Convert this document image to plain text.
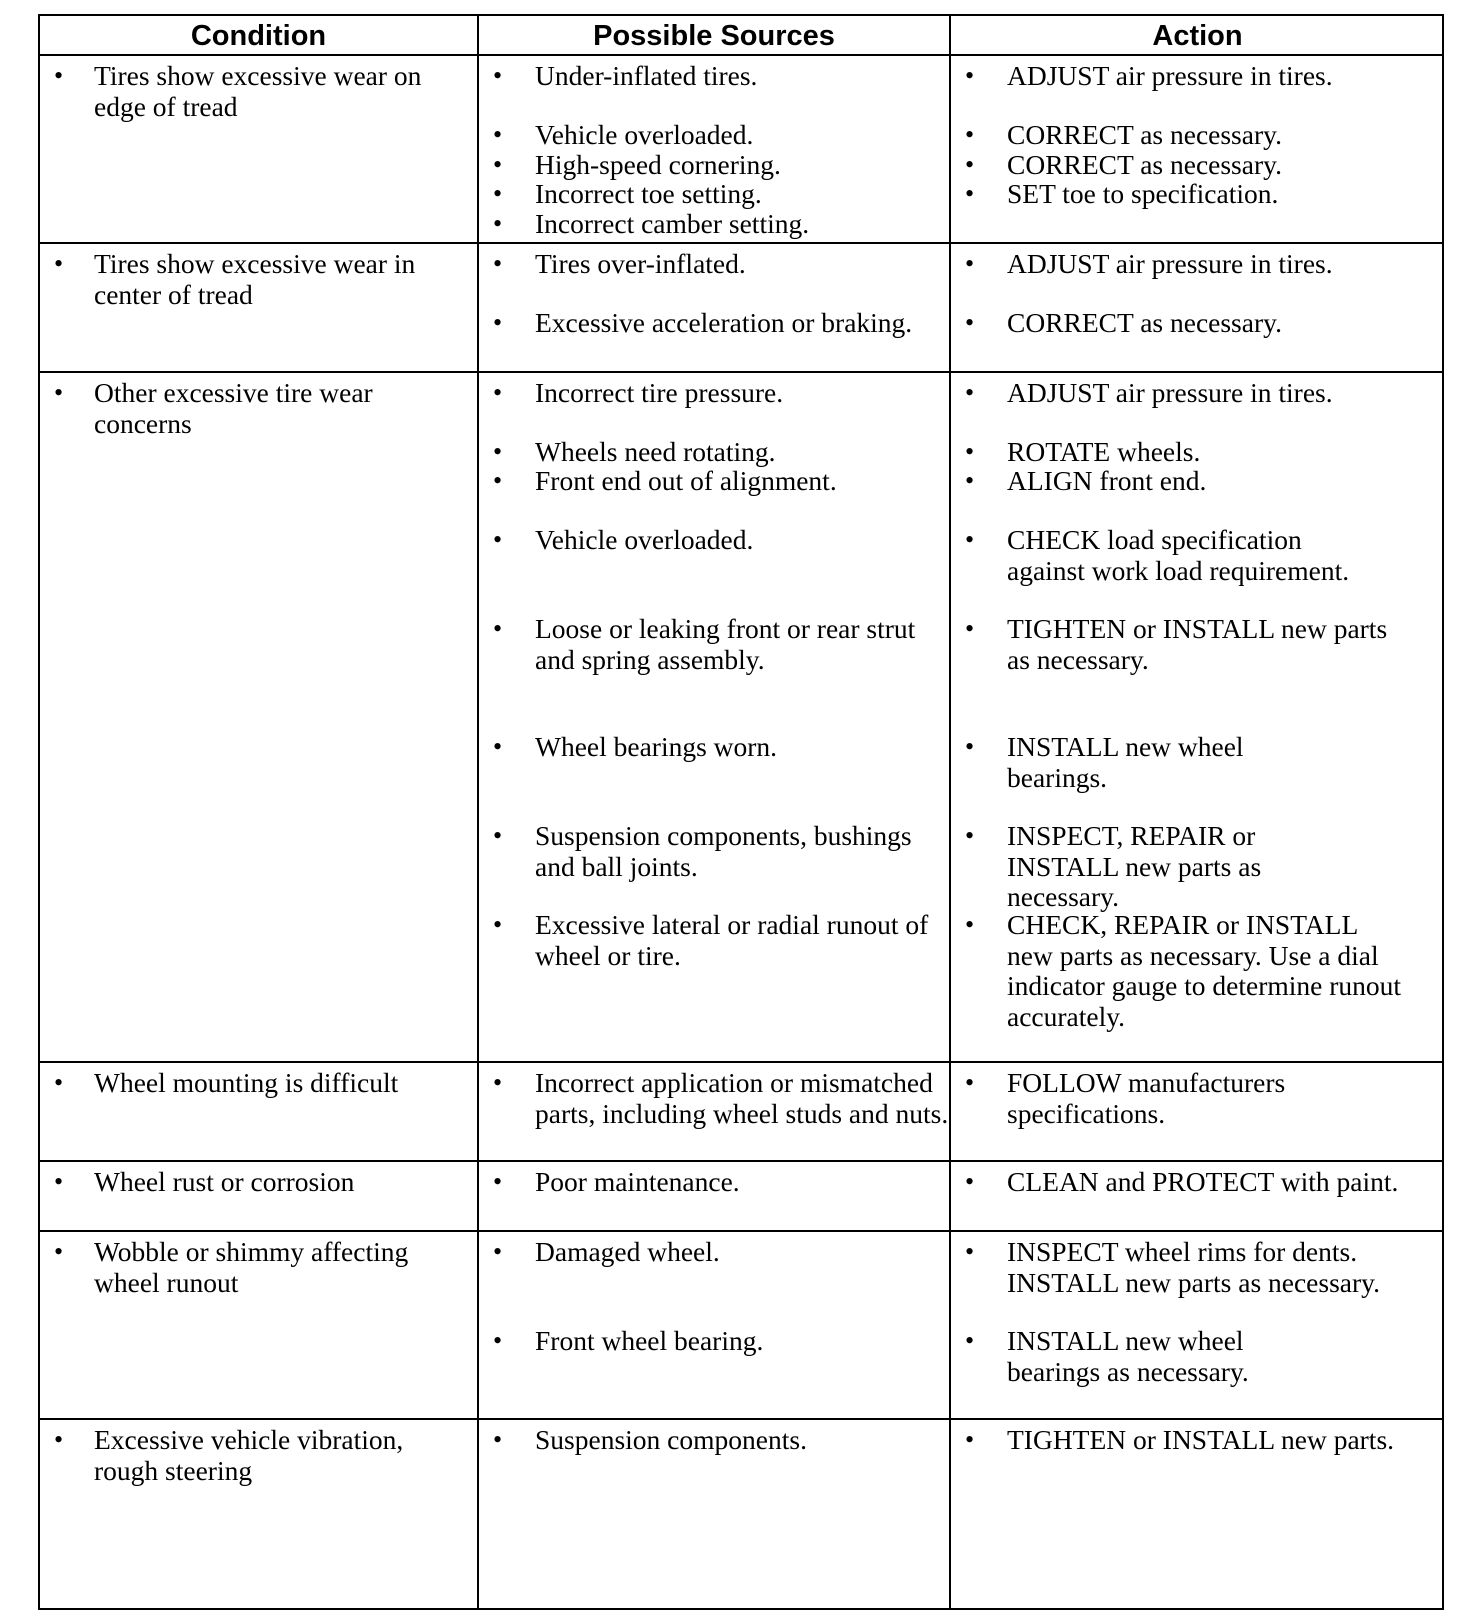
Condition	Possible Sources	Action
• Tires show excessive wear on edge of tread
• Tires show excessive wear in center of tread
• Other excessive tire wear concerns
• Wheel mounting is difficult
• Wheel rust or corrosion
• Wobble or shimmy affecting wheel runout
• Excessive vehicle vibration, rough steering
• Under-inflated tires.
• Vehicle overloaded.
• High-speed cornering.
• Incorrect toe setting.
• Incorrect camber setting.
• Tires over-inflated.
• Excessive acceleration or braking.
• Incorrect tire pressure.
• Wheels need rotating.
• Front end out of alignment.
• Vehicle overloaded.
• Loose or leaking front or rear strut and spring assembly.
• Wheel bearings worn.
• Suspension components, bushings and ball joints.
• Excessive lateral or radial runout of wheel or tire.
• Incorrect application or mismatched parts, including wheel studs and nuts.
• Poor maintenance.
• Damaged wheel.
• Front wheel bearing.
• Suspension components.
• ADJUST air pressure in tires.
• CORRECT as necessary.
• CORRECT as necessary.
• SET toe to specification.
• ADJUST air pressure in tires.
• CORRECT as necessary.
• ADJUST air pressure in tires.
• ROTATE wheels.
• ALIGN front end.
• CHECK load specification against work load requirement.
• TIGHTEN or INSTALL new parts as necessary.
• INSTALL new wheel bearings.
• INSPECT, REPAIR or INSTALL new parts as necessary.
• CHECK, REPAIR or INSTALL new parts as necessary. Use a dial indicator gauge to determine runout accurately.
• FOLLOW manufacturers specifications.
• CLEAN and PROTECT with paint.
• INSPECT wheel rims for dents. INSTALL new parts as necessary.
• INSTALL new wheel bearings as necessary.
• TIGHTEN or INSTALL new parts.
